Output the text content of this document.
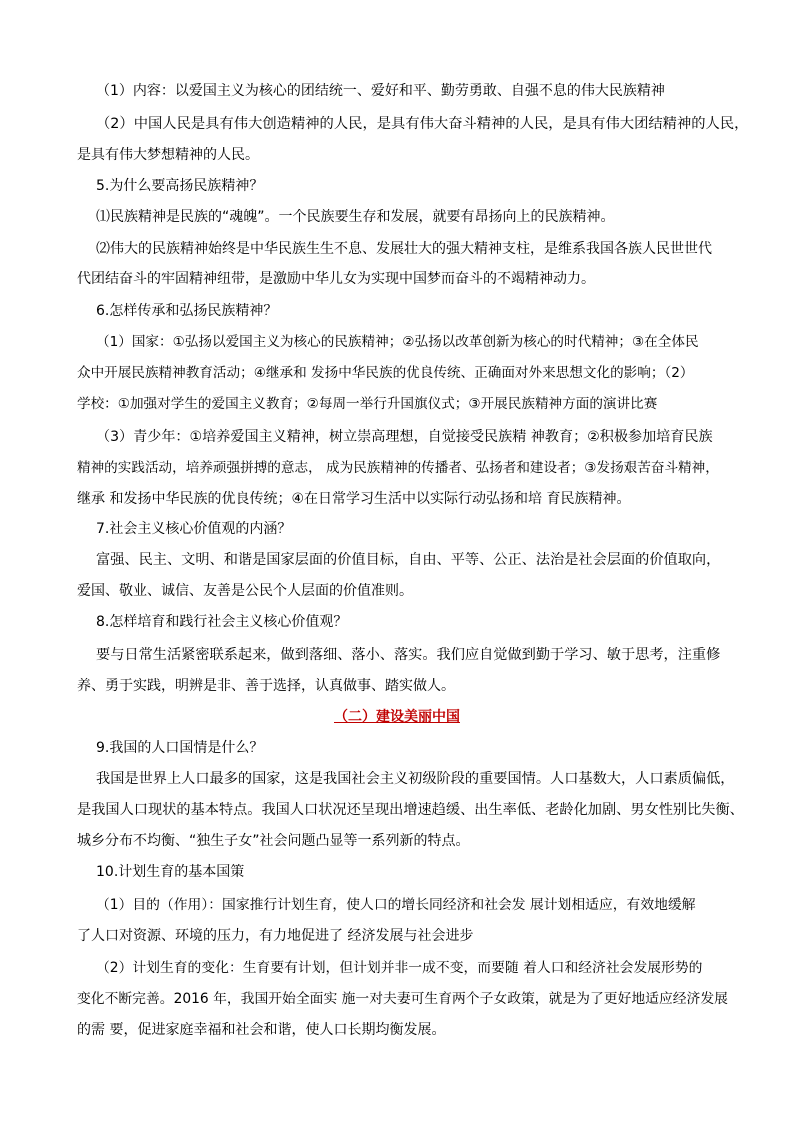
（1）内容：以爱国主义为核心的团结统一、爱好和平、勤劳勇敢、自强不息的伟大民族精神
（2）中国人民是具有伟大创造精神的人民，是具有伟大奋斗精神的人民，是具有伟大团结精神的人民，
是具有伟大梦想精神的人民。
5.为什么要高扬民族精神？
⑴民族精神是民族的“魂魄”。一个民族要生存和发展，就要有昂扬向上的民族精神。
⑵伟大的民族精神始终是中华民族生生不息、发展壮大的强大精神支柱，是维系我国各族人民世世代
代团结奋斗的牢固精神纽带，是激励中华儿女为实现中国梦而奋斗的不竭精神动力。
6.怎样传承和弘扬民族精神？
（1）国家：①弘扬以爱国主义为核心的民族精神；②弘扬以改革创新为核心的时代精神；③在全体民
众中开展民族精神教育活动；④继承和 发扬中华民族的优良传统、正确面对外来思想文化的影响；（2）
学校：①加强对学生的爱国主义教育；②每周一举行升国旗仪式；③开展民族精神方面的演讲比赛
（3）青少年：①培养爱国主义精神，树立崇高理想，自觉接受民族精 神教育；②积极参加培育民族
精神的实践活动，培养顽强拼搏的意志， 成为民族精神的传播者、弘扬者和建设者；③发扬艰苦奋斗精神，
继承 和发扬中华民族的优良传统；④在日常学习生活中以实际行动弘扬和培 育民族精神。
7.社会主义核心价值观的内涵？
富强、民主、文明、和谐是国家层面的价值目标，自由、平等、公正、法治是社会层面的价值取向，
爱国、敬业、诚信、友善是公民个人层面的价值准则。
8.怎样培育和践行社会主义核心价值观？
要与日常生活紧密联系起来，做到落细、落小、落实。我们应自觉做到勤于学习、敏于思考，注重修
养、勇于实践，明辨是非、善于选择，认真做事、踏实做人。
（二）建设美丽中国
9.我国的人口国情是什么？
我国是世界上人口最多的国家，这是我国社会主义初级阶段的重要国情。人口基数大，人口素质偏低，
是我国人口现状的基本特点。我国人口状况还呈现出增速趋缓、出生率低、老龄化加剧、男女性别比失衡、
城乡分布不均衡、“独生子女”社会问题凸显等一系列新的特点。
10.计划生育的基本国策
（1）目的（作用）：国家推行计划生育，使人口的增长同经济和社会发 展计划相适应，有效地缓解
了人口对资源、环境的压力，有力地促进了 经济发展与社会进步
（2）计划生育的变化：生育要有计划，但计划并非一成不变，而要随 着人口和经济社会发展形势的
变化不断完善。2016 年，我国开始全面实 施一对夫妻可生育两个子女政策，就是为了更好地适应经济发展
的需 要，促进家庭幸福和社会和谐，使人口长期均衡发展。
